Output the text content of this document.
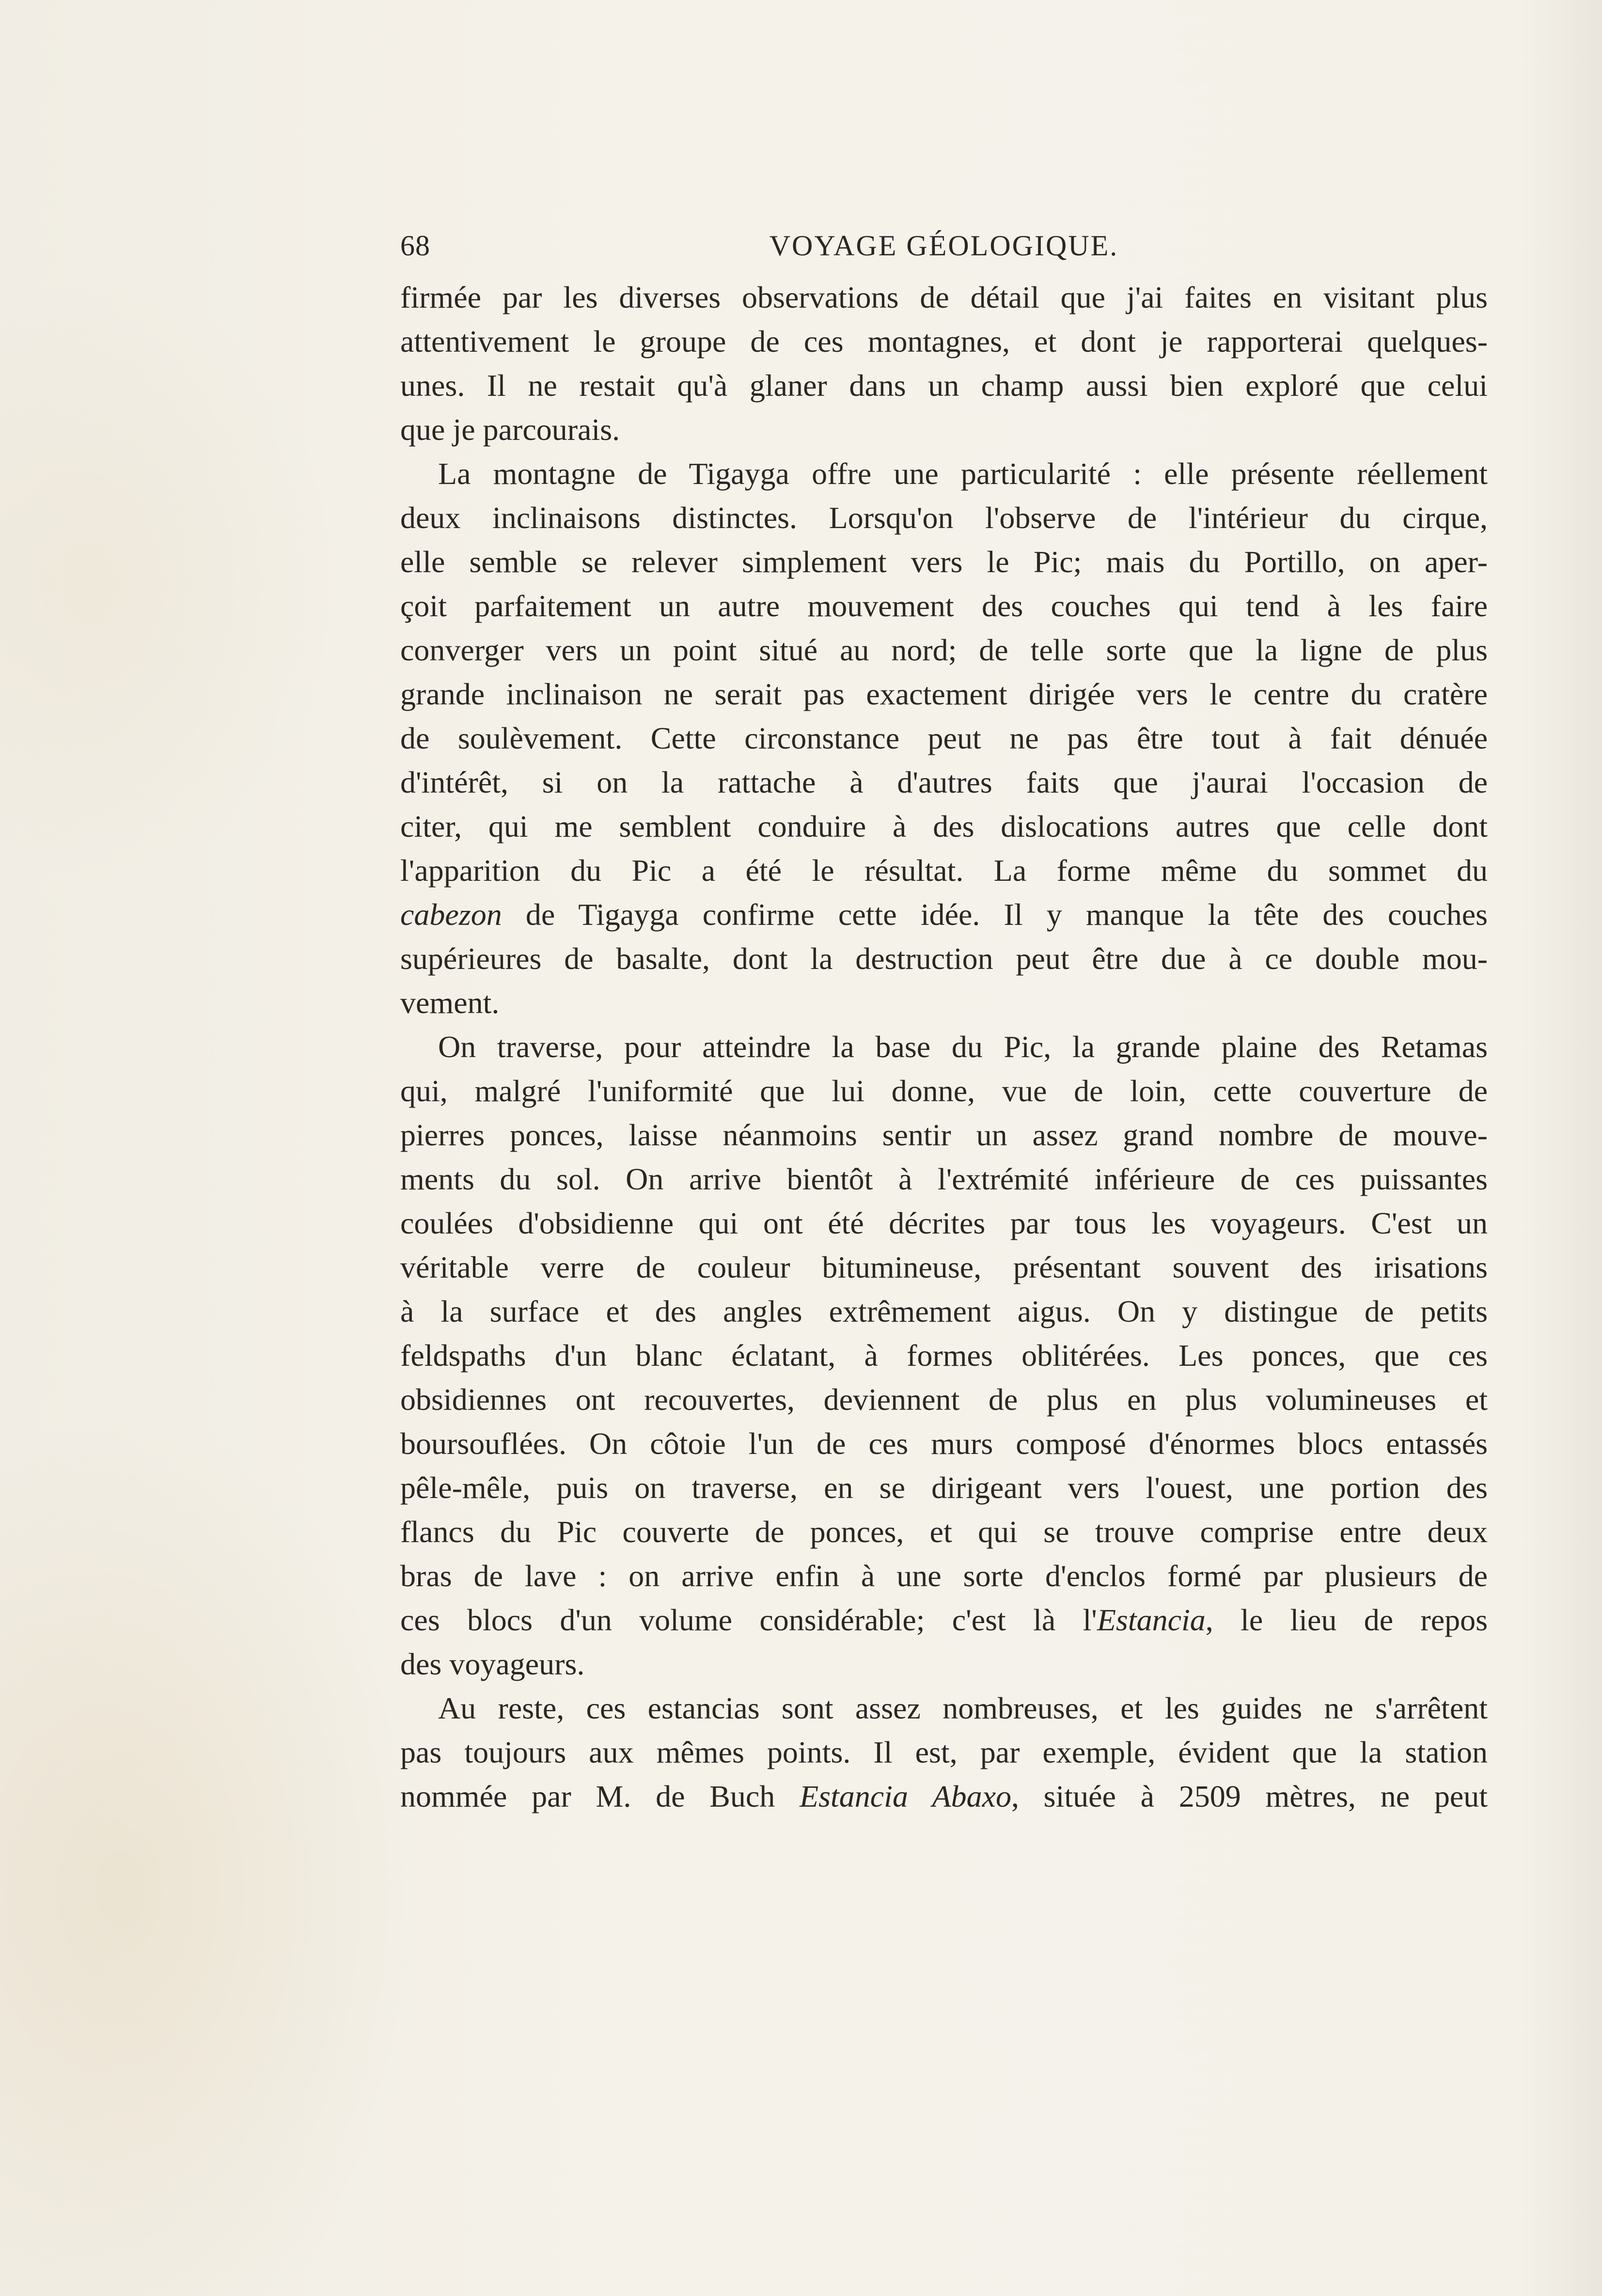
68	VOYAGE GÉOLOGIQUE.
firmée par les diverses observations de détail que j'ai faites en visitant plus
attentivement le groupe de ces montagnes, et dont je rapporterai quelques-
unes. Il ne restait qu'à glaner dans un champ aussi bien exploré que celui
que je parcourais.
La montagne de Tigayga offre une particularité : elle présente réellement
deux inclinaisons distinctes. Lorsqu'on l'observe de l'intérieur du cirque,
elle semble se relever simplement vers le Pic; mais du Portillo, on aper-
çoit parfaitement un autre mouvement des couches qui tend à les faire
converger vers un point situé au nord; de telle sorte que la ligne de plus
grande inclinaison ne serait pas exactement dirigée vers le centre du cratère
de soulèvement. Cette circonstance peut ne pas être tout à fait dénuée
d'intérêt, si on la rattache à d'autres faits que j'aurai l'occasion de
citer, qui me semblent conduire à des dislocations autres que celle dont
l'apparition du Pic a été le résultat. La forme même du sommet du
cabezon de Tigayga confirme cette idée. Il y manque la tête des couches
supérieures de basalte, dont la destruction peut être due à ce double mou-
vement.
On traverse, pour atteindre la base du Pic, la grande plaine des Retamas
qui, malgré l'uniformité que lui donne, vue de loin, cette couverture de
pierres ponces, laisse néanmoins sentir un assez grand nombre de mouve-
ments du sol. On arrive bientôt à l'extrémité inférieure de ces puissantes
coulées d'obsidienne qui ont été décrites par tous les voyageurs. C'est un
véritable verre de couleur bitumineuse, présentant souvent des irisations
à la surface et des angles extrêmement aigus. On y distingue de petits
feldspaths d'un blanc éclatant, à formes oblitérées. Les ponces, que ces
obsidiennes ont recouvertes, deviennent de plus en plus volumineuses et
boursouflées. On côtoie l'un de ces murs composé d'énormes blocs entassés
pêle-mêle, puis on traverse, en se dirigeant vers l'ouest, une portion des
flancs du Pic couverte de ponces, et qui se trouve comprise entre deux
bras de lave : on arrive enfin à une sorte d'enclos formé par plusieurs de
ces blocs d'un volume considérable; c'est là l'Estancia, le lieu de repos
des voyageurs.
Au reste, ces estancias sont assez nombreuses, et les guides ne s'arrêtent
pas toujours aux mêmes points. Il est, par exemple, évident que la station
nommée par M. de Buch Estancia Abaxo, située à 2509 mètres, ne peut
